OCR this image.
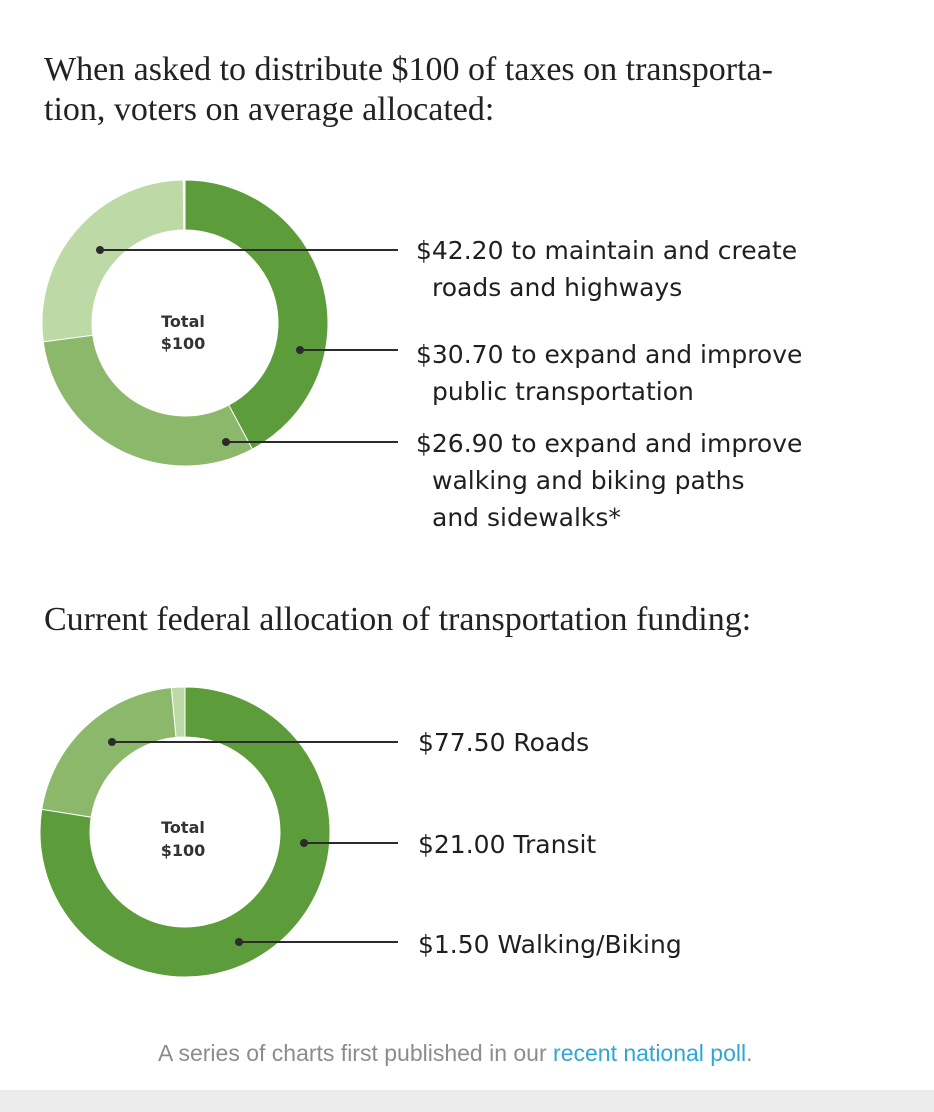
When asked to distribute $100 of taxes on transporta-
tion, voters on average allocated:
Total
$100
$42.20 to maintain and create
roads and highways
$30.70 to expand and improve
public transportation
$26.90 to expand and improve
walking and biking paths
and sidewalks*
Current federal allocation of transportation funding:
Total
$100
$77.50 Roads
$21.00 Transit
$1.50 Walking/Biking

A series of charts first published in our recent national poll.
